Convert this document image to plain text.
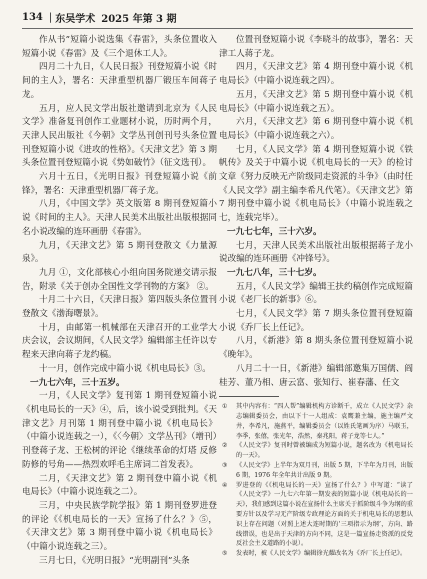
134 | 东吴学术 2025 年第 3 期

作从书”短篇小说选集《春雷》，头条位置收入短篇小说《春雷》及《三个退休工人》。

四月二十九日，《人民日报》刊登短篇小说《时间的主人》，署名：天津重型机器厂锻压车间蒋子龙。

五月，应人民文学出版社邀请到北京为《人民文学》准备复刊创作工业题材小说，历时两个月，天津人民出版社《今朝》文学丛刊创刊号头条位置刊登短篇小说《进攻的性格》。《天津文艺》第 3 期头条位置刊登短篇小说《势如破竹》（征文选刊）。

六月十五日，《光明日报》刊登短篇小说《前锋》，署名：天津重型机器厂蒋子龙。

八月，《中国文学》英文版第 8 期刊登短篇小说《时间的主人》。天津人民美术出版社出版根据同名小说改编的连环画册《春雷》。

九月，《天津文艺》第 5 期刊登散文《力量源泉》。

九月 ①，文化部核心小组向国务院递交请示报告，附录《关于创办全国性文学刊物的方案》 ②。

十月二十六日，《天津日报》第四版头条位置刊登散文《渤海曙景》。

十月，由邮第一机械部在天津召开的工业学大庆会议，会议期间，《人民文学》编辑部主任许以专程来天津向蒋子龙约稿。

十一月，创作完成中篇小说《机电局长》③。

一九七六年，三十五岁。

一月，《人民文学》复刊第 1 期刊登短篇小说《机电局长的一天》④，后，该小说受到批判。《天津文艺》月刊第 1 期刊登中篇小说《机电局长》（中篇小说连载之一），《〈今朝〉文学丛刊》（增刊）刊登蒋子龙、王松树的评论《继续革命的灯塔 反修防修的号角——热烈欢呼毛主席词二首发表》。

二月，《天津文艺》第 2 期刊登中篇小说《机电局长》（中篇小说连载之二）。

三月，中央民族学院学报》第 1 期刊登罗进登的评论《《机电局长的一天》宣扬了什么？》⑤，《天津文艺》第 3 期刊登中篇小说《机电局长》（中篇小说连载之三）。

三月七日，《光明日报》“光明副刊”头条

位置刊登短篇小说《李晓斗的故事》，署名：天津工人蒋子龙。

四月，《天津文艺》第 4 期刊登中篇小说《机电局长》（中篇小说连载之四）。

五月，《天津文艺》第 5 期刊登中篇小说《机电局长》（中篇小说连载之五）。

六月，《天津文艺》第 6 期刊登中篇小说《机电局长》（中篇小说连载之六）。

七月，《人民文学》第 4 期刊登短篇小说《铁帆传》及关于中篇小说《机电局长的一天》的检讨文章《努力反映无产阶级同走资派的斗争》（由时任《人民文学》副主编李希凡代笔）。《天津文艺》第 7 期刊登中篇小说《机电局长》（中篇小说连载之七，连载完毕）。

一九七七年，三十六岁。

七月，天津人民美术出版社出版根据蒋子龙小说改编的连环画册《冲锋号》。

一九七八年，三十七岁。

五月，《人民文学》编辑王扶约稿创作完成短篇小说《老厂长的新事》⑥。

七月，《人民文学》第 7 期头条位置刊登短篇小说《乔厂长上任记》。

八月，《新港》第 8 期头条位置刊登短篇小说《晚年》。

八月二十一日，《新港》编辑部邀集万国儒、阎桂芳、董乃相、唐云富、张知行、崔春藩、任文

①	其中内容有：“四人帮”编辑机构方诊断千，成立《人民文学》杂志编辑委员会，由以下十一人组成：袁鹰兼主编，施主编严文井，李希凡，施燕平，编辑委员会（以姓氏笔画为序）马联玉，李季，张僖，张光年，浩然，秦兆阳，蒋子龙等七人。”

②	《人民文学》复刊时曾被编成为短篇小说，题名改为《机电局长的一天》。

③	《人民文学》上半年为双月刊，出版 5 期，下半年为月刊，出版 6 期，1976 年全年共计出版 9 期。

④	罗进登的《《机电局长的一天》宣扬了什么？》中写道：“读了《人民文学》一九七六年第一期发表的短篇小说《机电局长的一天》，我们感到这篇小说在宣扬什么主席关于抓阶级斗争为纲的重要方针以及学习无产阶级专政理论方面的关于机电局长的思想认识上存在问题（对照上述大连时期的‘三项指示为纲’，方向、路线错误，也是出于天津的方向不同，这是一篇宣扬走资派的反党反社会主义道路的小说）。

⑤	发表时，被《人民文学》编辑徐光耀改名为《乔厂长上任记》。
